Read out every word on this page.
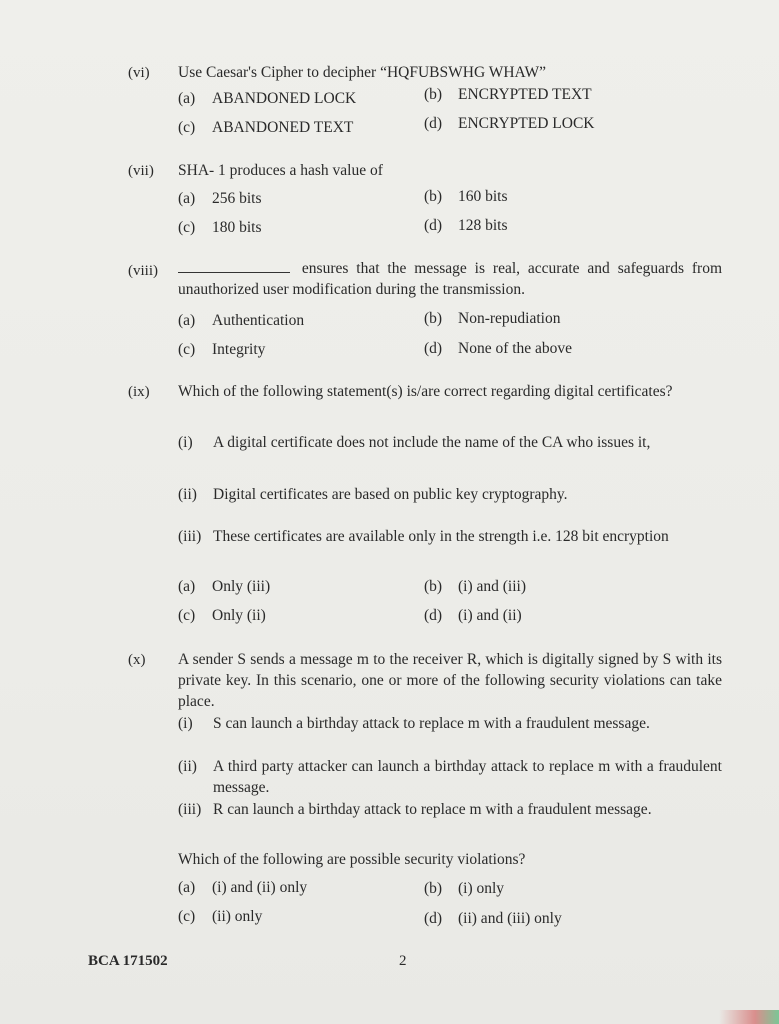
(vi) Use Caesar's Cipher to decipher “HQFUBSWHG WHAW”
(a) ABANDONED LOCK	(b) ENCRYPTED TEXT
(c) ABANDONED TEXT	(d) ENCRYPTED LOCK
(vii) SHA- 1 produces a hash value of
(a) 256 bits	(b) 160 bits
(c) 180 bits	(d) 128 bits
(viii)	ensures that the message is real, accurate and safeguards from unauthorized user modification during the transmission.
(a) Authentication	(b) Non-repudiation
(c) Integrity	(d) None of the above
(ix) Which of the following statement(s) is/are correct regarding digital certificates?
(i) A digital certificate does not include the name of the CA who issues it,
(ii) Digital certificates are based on public key cryptography.
(iii) These certificates are available only in the strength i.e. 128 bit encryption
(a) Only (iii)	(b) (i) and (iii)
(c) Only (ii)	(d) (i) and (ii)
(x) A sender S sends a message m to the receiver R, which is digitally signed by S with its private key. In this scenario, one or more of the following security violations can take place.
(i) S can launch a birthday attack to replace m with a fraudulent message.
(ii) A third party attacker can launch a birthday attack to replace m with a fraudulent message.
(iii) R can launch a birthday attack to replace m with a fraudulent message.
Which of the following are possible security violations?
(a) (i) and (ii) only	(b) (i) only
(c) (ii) only	(d) (ii) and (iii) only
BCA 171502	2
